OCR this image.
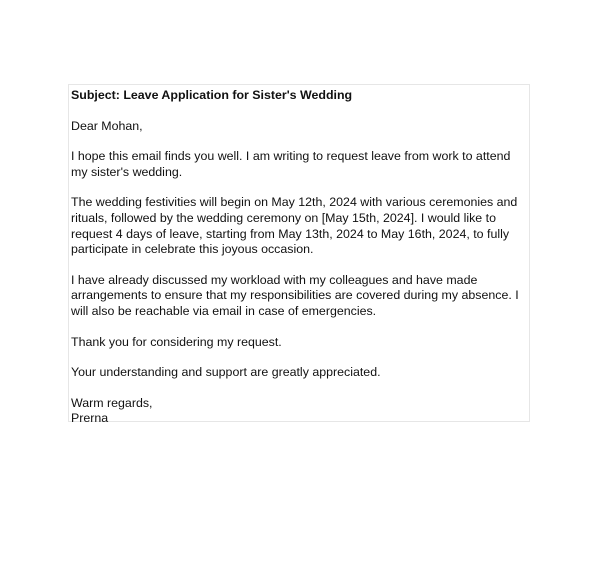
Subject: Leave Application for Sister's Wedding
Dear Mohan,
I hope this email finds you well. I am writing to request leave from work to attend my sister's wedding.
The wedding festivities will begin on May 12th, 2024 with various ceremonies and rituals, followed by the wedding ceremony on [May 15th, 2024]. I would like to request 4 days of leave, starting from May 13th, 2024 to May 16th, 2024, to fully participate in celebrate this joyous occasion.
I have already discussed my workload with my colleagues and have made arrangements to ensure that my responsibilities are covered during my absence. I will also be reachable via email in case of emergencies.
Thank you for considering my request.
Your understanding and support are greatly appreciated.
Warm regards,
Prerna
